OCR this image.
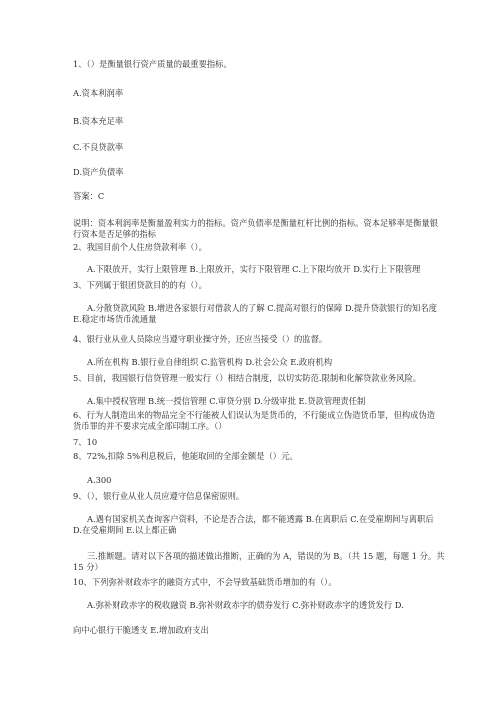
1、（）是衡量银行资产质量的最重要指标。
A.资本利润率
B.资本充足率
C.不良贷款率
D.资产负债率
答案：C
说明：资本利润率是衡量盈利实力的指标。资产负债率是衡量杠杆比例的指标。资本足够率是衡量银行资本是否足够的指标
2、我国目前个人住房贷款利率（）。
A.下限放开，实行上限管理 B.上限放开，实行下限管理 C.上下限均放开 D.实行上下限管理
3、下列属于银团贷款目的的有（）。
A.分散贷款风险 B.增进各家银行对借款人的了解 C.提高对银行的保障 D.提升贷款银行的知名度 E.稳定市场货币流通量
4、银行业从业人员除应当遵守职业操守外，还应当接受（）的监督。
A.所在机构 B.银行业自律组织 C.监管机构 D.社会公众 E.政府机构
5、目前，我国银行信贷管理一般实行（）相结合制度，以切实防范.限制和化解贷款业务风险。
A.集中授权管理 B.统一授信管理 C.审贷分别 D.分级审批 E.贷款管理责任制
6、行为人制造出来的物品完全不行能被人们误认为是货币的，不行能成立伪造货币罪，但构成伪造货币罪的并不要求完成全部印制工序。（）
7、10
8、72%,扣除 5%利息税后，他能取回的全部金额是（）元。
A.300
9、（），银行业从业人员应遵守信息保密原则。
A.遇有国家机关查询客户资料，不论是否合法，都不能透露 B.在离职后 C.在受雇期间与离职后 D.在受雇期间 E.以上都正确
三.推断题。请对以下各项的描述做出推断，正确的为 A，错误的为 B。（共 15 题，每题 1 分。共 15 分）
10、下列弥补财政赤字的融资方式中，不会导致基础货币增加的有（）。
A.弥补财政赤字的税收融资 B.弥补财政赤字的债券发行 C.弥补财政赤字的透货发行 D.
向中心银行干脆透支 E.增加政府支出
